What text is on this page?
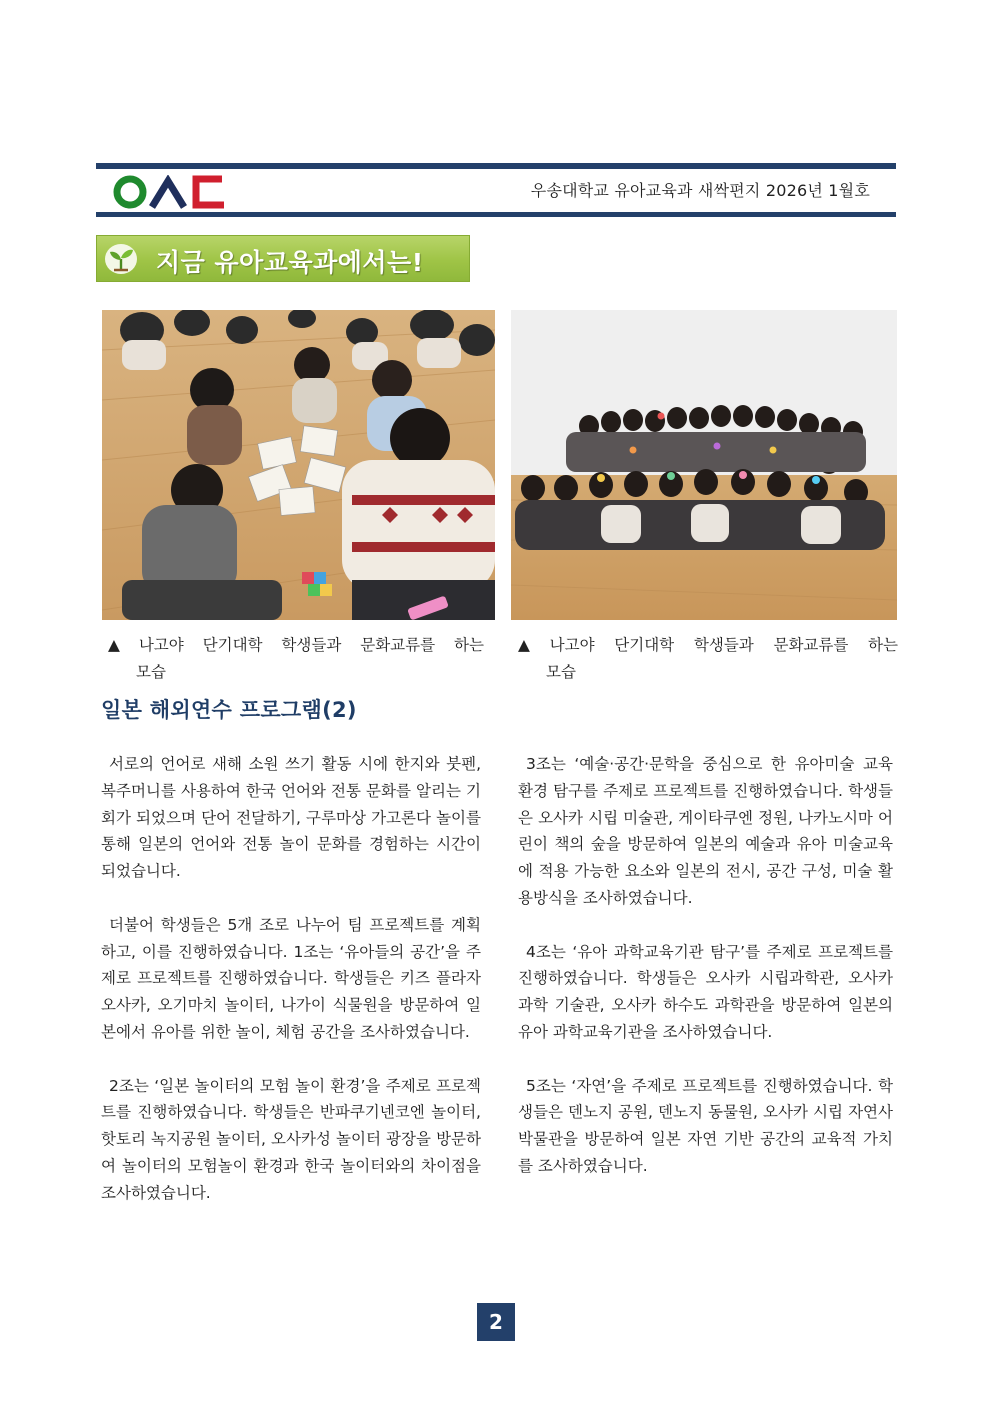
우송대학교 유아교육과 새싹편지 2026년 1월호
지금 유아교육과에서는!
▲ 나고야 단기대학 학생들과 문화교류를 하는
모습
▲ 나고야 단기대학 학생들과 문화교류를 하는
모습
일본 해외연수 프로그램(2)

서로의 언어로 새해 소원 쓰기 활동 시에 한지와 붓펜, 복주머니를 사용하여 한국 언어와 전통 문화를 알리는 기회가 되었으며 단어 전달하기, 구루마상 가고론다 놀이를 통해 일본의 언어와 전통 놀이 문화를 경험하는 시간이 되었습니다.

더불어 학생들은 5개 조로 나누어 팀 프로젝트를 계획하고, 이를 진행하였습니다. 1조는 ‘유아들의 공간’을 주제로 프로젝트를 진행하였습니다. 학생들은 키즈 플라자 오사카, 오기마치 놀이터, 나가이 식물원을 방문하여 일본에서 유아를 위한 놀이, 체험 공간을 조사하였습니다.

2조는 ‘일본 놀이터의 모험 놀이 환경’을 주제로 프로젝트를 진행하였습니다. 학생들은 반파쿠기넨코엔 놀이터, 핫토리 녹지공원 놀이터, 오사카성 놀이터 광장을 방문하여 놀이터의 모험놀이 환경과 한국 놀이터와의 차이점을 조사하였습니다.

3조는 ‘예술·공간·문학을 중심으로 한 유아미술 교육 환경 탐구를 주제로 프로젝트를 진행하였습니다. 학생들은 오사카 시립 미술관, 게이타쿠엔 정원, 나카노시마 어린이 책의 숲을 방문하여 일본의 예술과 유아 미술교육에 적용 가능한 요소와 일본의 전시, 공간 구성, 미술 활용방식을 조사하였습니다.

4조는 ‘유아 과학교육기관 탐구’를 주제로 프로젝트를 진행하였습니다. 학생들은 오사카 시립과학관, 오사카 과학 기술관, 오사카 하수도 과학관을 방문하여 일본의 유아 과학교육기관을 조사하였습니다.

5조는 ‘자연’을 주제로 프로젝트를 진행하였습니다. 학생들은 덴노지 공원, 덴노지 동물원, 오사카 시립 자연사 박물관을 방문하여 일본 자연 기반 공간의 교육적 가치를 조사하였습니다.

2
